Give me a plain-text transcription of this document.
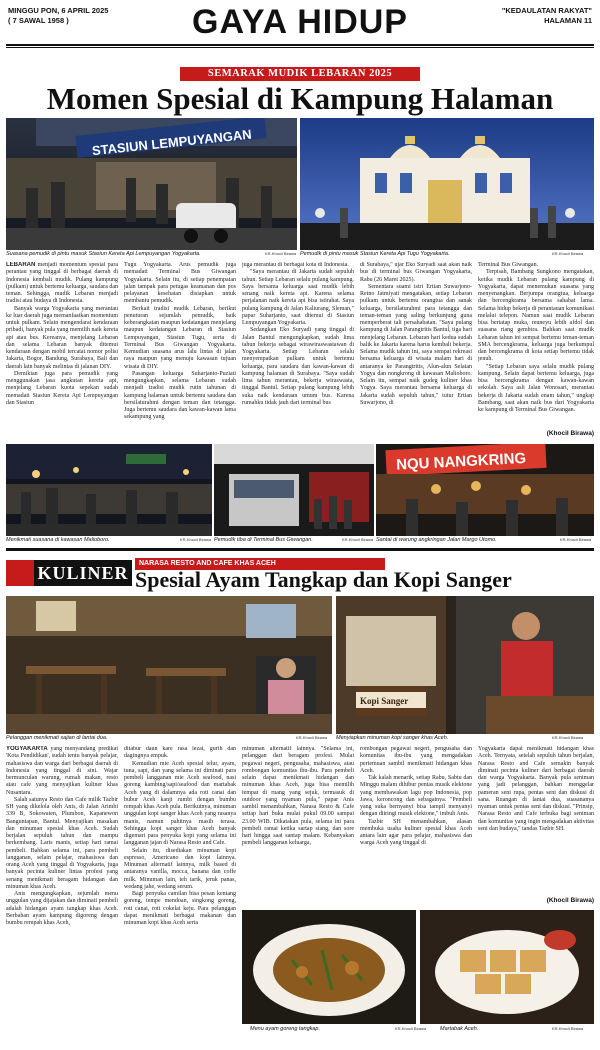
MINGGU PON, 6 APRIL 2025
( 7 SAWAL 1958 )	GAYA HIDUP	"KEDAULATAN RAKYAT"
HALAMAN 11
SEMARAK MUDIK LEBARAN 2025
Momen Spesial di Kampung Halaman
STASIUN LEMPUYANGAN
Suasana pemudik di pintu masuk Stasiun Kereta Api Lempuyangan Yogyakarta.	KR-Khocil Birawa Pemudik di pintu masuk Stasiun Kereta Api Tugu Yogyakarta.	KR-Khocil Birawa

LEBARAN menjadi momentum spesial para perantau yang tinggal di berbagai daerah di Indonesia kembali mudik. Pulang kampung (pulkam) untuk bertemu keluarga, saudara dan teman. Sehingga, mudik Lebaran menjadi tradisi atau budaya di Indonesia.

Banyak warga Yogyakarta yang merantau ke luar daerah juga memanfaatkan momentum untuk pulkam. Selain mengendarai kendaraan pribadi, banyak pula yang memilih naik kereta api atau bus. Kereanya, menjelang Lebaran dan selama Lebaran banyak ditemui kendaraan dengan mobil tercatat nomor polisi Jakarta, Bogor, Bandung, Surabaya, Bali dan daerah lain banyak melintas di jalanan DIY.

Demikian juga para pemudik yang menggunakan jasa angkutan kereta api, menjelang Lebaran kuota sepekan sudah memadati Stasiun Kereta Api Lempuyangan dan Stasiun

Tugu Yogyakarta. Arus pemudik juga memadati Terminal Bus Giwangan Yogyakarta. Selain itu, di setiap penempatan jalan tampak para petugas keamanan dan pos pelayanan kesehatan disiapkan untuk membantu pemudik.

Berkait tradisi mudik Lebaran, berikut penuturan sejumlah pemudik, baik keberangkatan maupun kedatangan menjelang maupun kedatangan Lebaran di Stasiun Lempuyangan, Stasiun Tugu, serta di Terminal Bus Giwangan Yogyakarta. Kemudian suasana arus lalu lintas di jalan raya maupun yang menuju kawasan tujuan wisata di DIY.

Pasangan keluarga Suharjanto-Puziati mengungkapkan, selama Lebaran sudah menjadi tradisi mudik rutin tahunan di kampung halaman untuk bertemu saudara dan bersilaturahmi dengan teman dan tetangga. Juga bertemu saudara dan kawan-kawan lama sekampung yang

juga merantau di berbagai kota di Indonesia.

"Saya merantau di Jakarta sudah sepuluh tahun. Setiap Lebaran selalu pulang kampung. Saya bersama keluarga saat mudik lebih senang naik kereta api. Karena selama perjalanan naik kereta api bisa istirahat. Saya pulang kampung di Jalan Kaliurang, Sleman," papar Suharjanto, saat ditemui di Stasiun Lempuyangan Yogyakarta.

Sedangkan Eko Suryadi yang tinggal di Jalan Bantul mengungkapkan, sudah lima tahun bekerja sebagai wirawiraswastawan di Yogyakarta. Setiap Lebaran selalu menyempatkan pulkam untuk bertemu keluarga, para saudara dan kawan-kawan di kampung halaman di Surabaya. "Saya sudah lima tahun merantau, bekerja wiraswasta, tinggal Bantul. Setiap pulang kampung lebih suka naik kendaraan umum bus. Karena rumahku tidak jauh dari terminal bus

di Surabaya," ujar Eko Suryadi saat akan naik bus di terminal bus Giwangan Yogyakarta, Rabu (26 Maret 2025).

Sementara suami istri Ertian Suwarjono-Retno Jatmiyati mengatakan, setiap Lebaran pulkam untuk bertemu orangtua dan sanak keluarga, bersilaturahmi para tetangga dan teman-teman yang saling berkunjung guna memperberat tali persahabatan. "Saya pulang kampung di Jalan Parangtritis Bantul, tiga hari menjelang Lebaran. Lebaran hari kedua sudah balik ke Jakarta karena harus kembali bekerja. Selama mudik tahun ini, saya sempat rekreasi bersama keluarga di wisata malam hari di antaranya ke Parangtritis, Alun-alun Selatan Yogya dan nongkrong di kawasan Malioboro. Selain itu, sempat naik gudeg kuliner khas Yogya. Saya merantau bersama keluarga di Jakarta sudah sepuluh tahun," tutur Ertian Suwarjono, di

Terminal Bus Giwangan.

Terpisah, Bambang Sungkono mengatakan, ketika mudik Lebaran pulang kampung di Yogyakarta, dapat menemukan suasana yang menyenangkan. Berjumpa orangtua, keluarga dan bercengkrama bersama sahabat lama. Selama hidup bekerja di perantauan komunikasi melalui telepon. Namun saat mudik Lebaran bisa bertatap muka, reuneyu lebih afdol dan suasana riang gembira. Bahkan saat mudik Lebaran tahun ini sempat bertemu teman-teman SMA bercengkrama, keluarga juga berkumpul dan bercengkrama di kota setiap bertemu tidak jenuh.

"Setiap Lebaran saya selalu mudik pulang kampung. Selain dapat bertemu keluarga, juga bisa bercengkrama dengan kawan-kawan sekolah. Saya asli Jalan Wonosari, merantau bekerja di Jakarta sudah enam tahun," ungkap Bambang, saat akan naik bus dari Yogyakarta ke kampung di Terminal Bus Giwangan.

(Khocil Birawa)
NQU NANGKRING
Menikmati suasana di kawasan Malioboro.	KR-Khocil Birawa Pemudik tiba di Terminal Bus Giwangan.	KR-Khocil Birawa Santai di warung angkringan Jalan Margo Utomo.	KR-Khocil Birawa
KULINER	NARASA RESTO AND CAFE KHAS ACEH
Spesial Ayam Tangkap dan Kopi Sanger
Kopi Sanger
Pelanggan menikmati sajian di lantai dua.	KR-Khocil Birawa Menyiapkan minuman kopi sanger khas Aceh.	KR-Khocil Birawa

YOGYAKARTA yang menyandang predikat 'Kota Pendidikan', sudah tentu banyak pelajar, mahasiswa dan warga dari berbagai daerah di Indonesia yang tinggal di sini. Wajar bermunculan warung, rumah makan, resto atau cafe yang menyajikan kuliner khas Nusantara.

Salah satunya Resto dan Cafe milik Tazbir SH yang dikelola oleh Anis, di Jalan Arimbi 339 B, Sokowaten, Plumbon, Kapanewon Banguntapan, Bantul. Menyajikan masakan dan minuman spesial khas Aceh. Sudah berjalan sepuluh tahun dan mampu berkembang. Laris manis, setiap hari ramai pembeli. Bahkan selama ini, para pembeli langganan, selain pelajar, mahasiswa dan orang Aceh yang tinggal di Yogyakarta, juga banyak pecinta kuliner lintas profesi yang senang menikmati beragam hidangan dan minuman khas Aceh.

Anis mengungkapkan, sejumlah menu unggulan yang dijajakan dan diminati pembeli adalah hidangan ayam tangkap khas Aceh. Berbahan ayam kampung digoreng dengan bumbu rempah khas Aceh,

ditabur daun kare rasa lezat, gurih dan dagingnya empuk.

Kemudian mie Aceh spesial telur, ayam, tuna, sapi, dan yang selama ini diminati para pembeli langganan mie Aceh seafood, nasi goreng kambing/sapi/seafood dan martabak Aceh yang di dalamnya ada roti canai dan bubur Aceh kanji rumbi dengan bumbu rempah khas Aceh pula. Berikutnya, minuman unggulan kopi sanger khas Aceh yang rasanya manis, namun pahitnya masih terasa. Sehingga kopi sanger khas Aceh banyak digemari para penyuka kopi yang selama ini langganan jajan di Narasa Resto and Cafe.

Selain itu, disediakan minuman kopi espresso, Americano dan kopi lainnya. Minuman alternatif lainnya, milk based di antaranya vanilla, mocca, banana dan coffe milk. Minuman lain, teh tarik, jeruk panas, wedang jahe, wedang serum.

Bagi penyuka camilan bisa pesan kentang goreng, tempe mendoan, singkong goreng, roti canai, roti cokelat keju. Para pelanggan dapat menikmati berbagai makanan dan minuman kopi khas Aceh serta

minuman alternatif lainnya. "Selama ini, pelanggan dari beragam profesi. Mulai pegawai negeri, pengusaha, mahasiswa, atau rombongan komunitas ibu-ibu. Para pembeli selain dapat menikmati hidangan dan minuman khas Aceh, juga bisa memilih tempat di ruang yang sejuk, termasuk di outdoor yang nyaman pula," papar Anis sambil menambahkan, Narasa Resto & Cafe setiap hari buka mulai pukul 09.00 sampai 23.00 WIB. Dikatakan pula, selama ini para pembeli ramai ketika sartap siang, dan sore hari hingga saat santap malam. Kebanyakan pembeli langganan keluarga,

rombongan pegawai negeri, pengusaha dan komunitas ibu-ibu yang mengadakan pertemuan sambil menikmati hidangan khas Aceh.

Tak kalah menarik, setiap Rabu, Sabtu dan Minggu malam dihibur pentas musik elektone yang membawakan lagu pop Indonesia, pop Jawa, keroncong dan sebagainya. "Pembeli yang suka bernyanyi bisa tampil menyanyi dengan diiringi musik elektone," imbuh Anis.

Tazbir SH menambahkan, alasan membuka usaha kuliner spesial khas Aceh antara lain agar para pelajar, mahasiswa dan warga Aceh yang tinggal di

Yogyakarta dapat menikmati hidangan khas Aceh. Ternyata, setelah sepuluh tahun berjalan, Narasa Resto and Cafe semakin banyak diminati pecinta kuliner dari berbagai daerah dan warga Yogyakarta. Banyak pula seniman yang jadi pelanggan, bahkan menggelar pameran seni rupa, pentas seni dan diskusi di sana. Ruangan di lantai dua, suasananya nyaman untuk pentas seni dan diskusi. "Prinsip, Narasa Resto and Cafe terbuka bagi seniman dan komunitas yang ingin mengadakan aktivitas seni dan budaya," tandas Tazbir SH.

(Khocil Birawa)
Menu ayam goreng tangkap.	KR-Khocil Birawa	Martabak Aceh.	KR-Khocil Birawa
